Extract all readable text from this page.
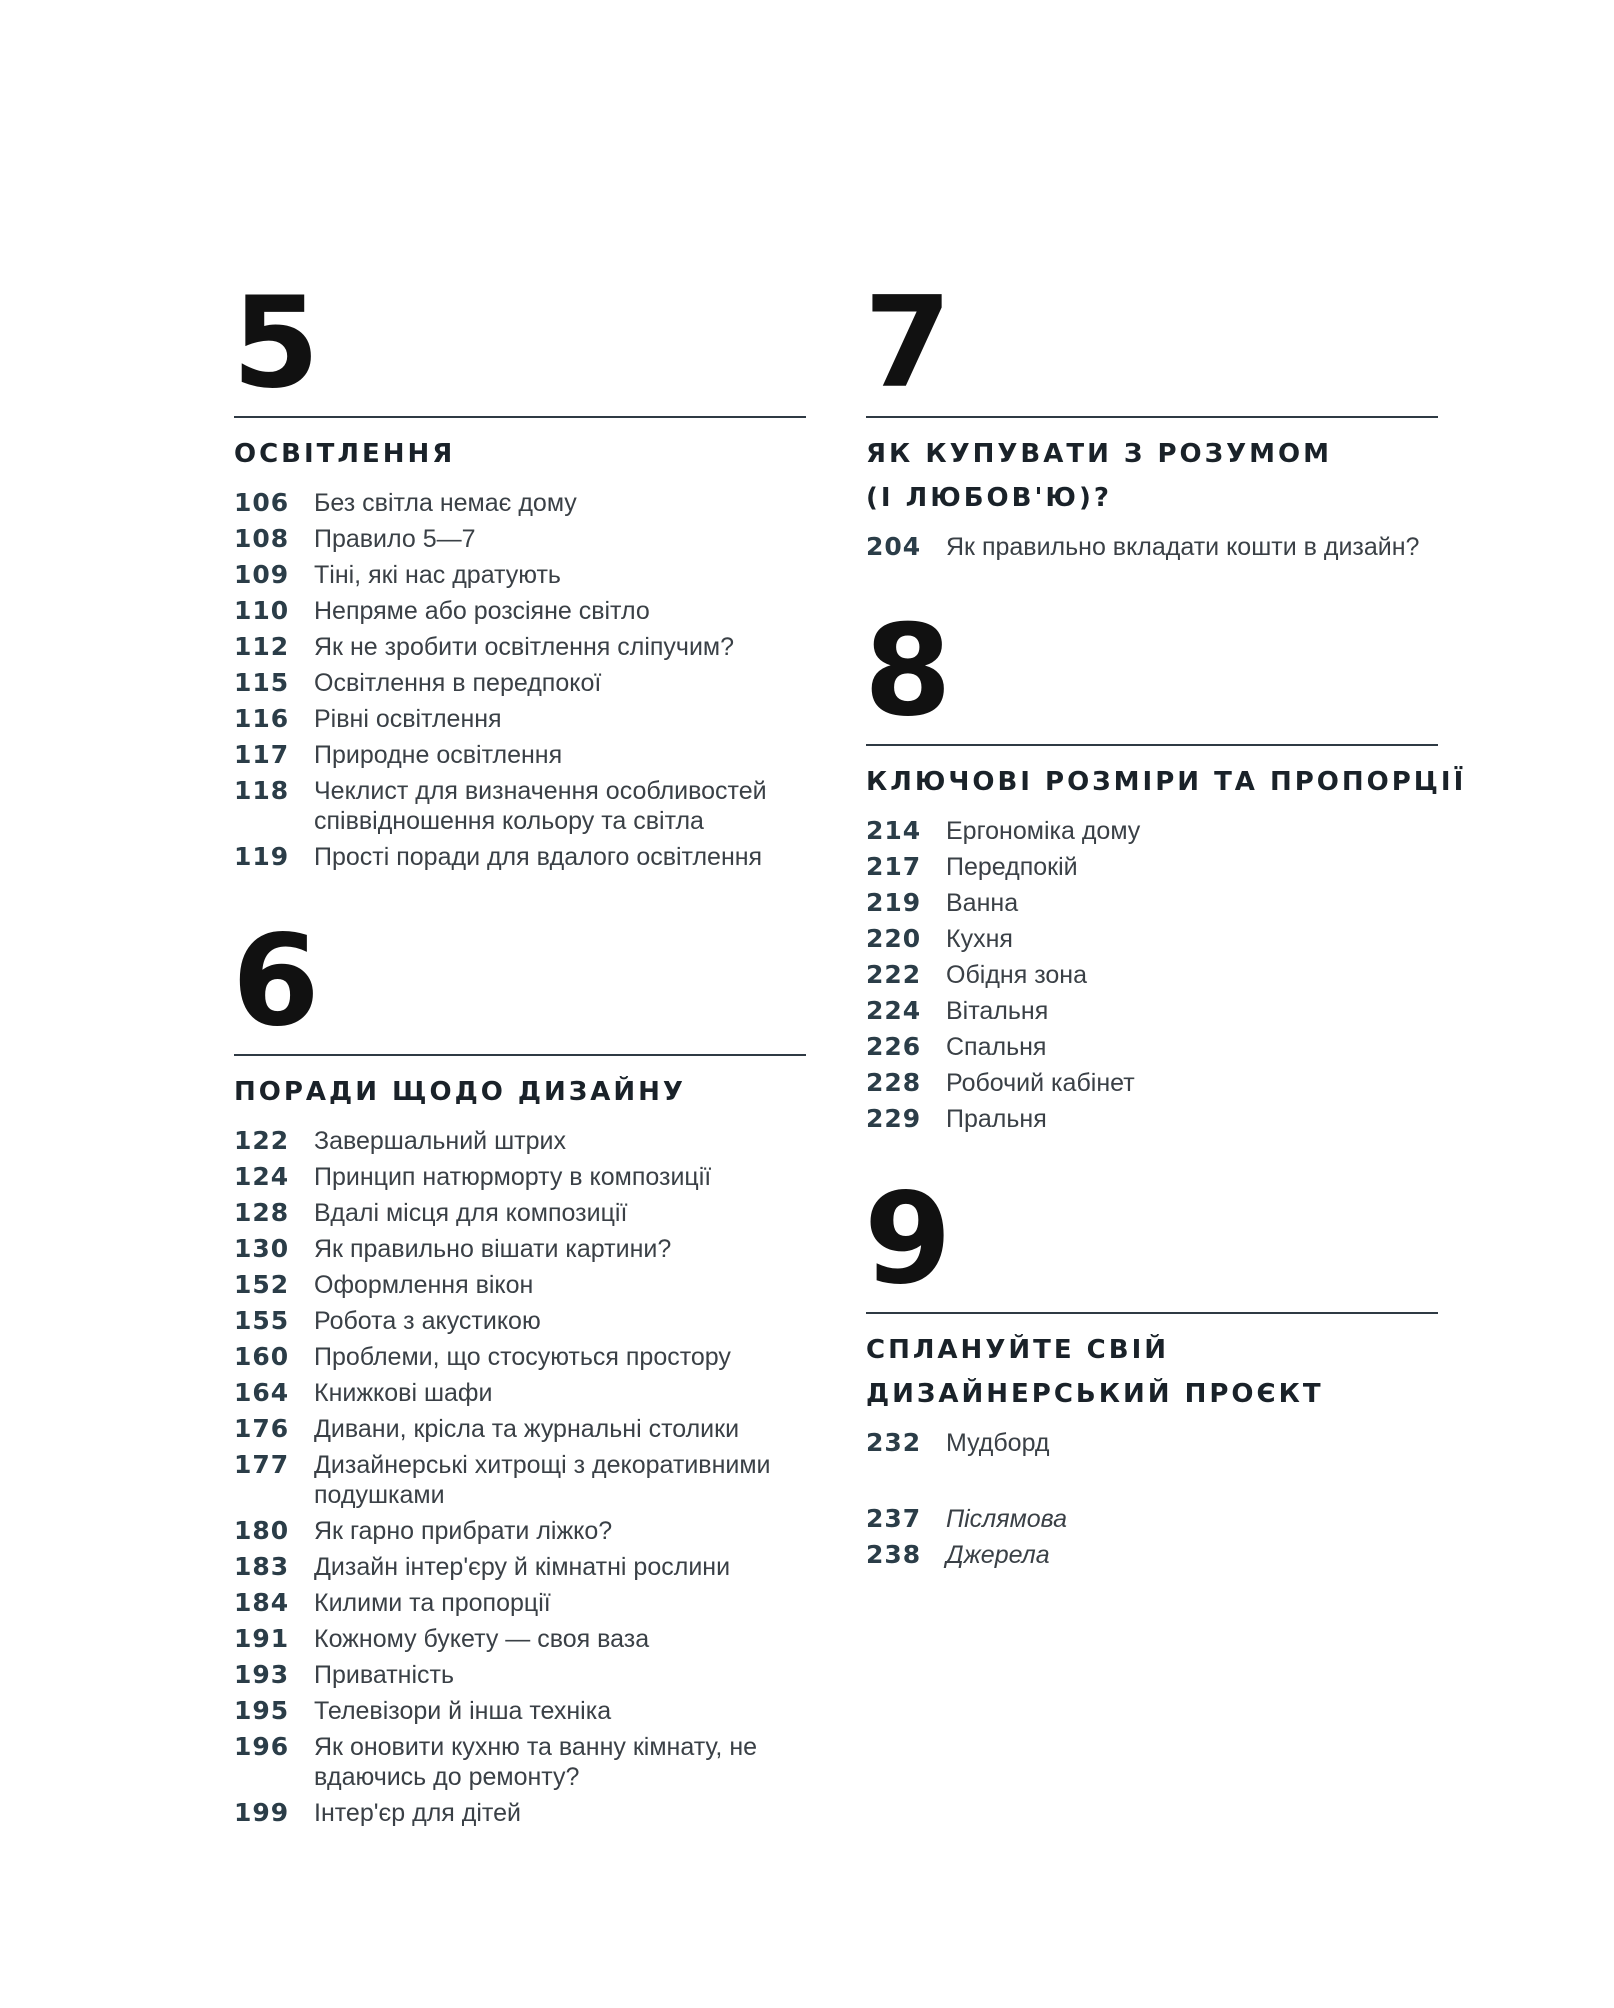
5
ОСВІТЛЕННЯ
106 Без світла немає дому
108 Правило 5—7
109 Тіні, які нас дратують
110 Непряме або розсіяне світло
112 Як не зробити освітлення сліпучим?
115 Освітлення в передпокої
116 Рівні освітлення
117 Природне освітлення
118 Чеклист для визначення особливостей співвідношення кольору та світла
119 Прості поради для вдалого освітлення
6
ПОРАДИ ЩОДО ДИЗАЙНУ
122 Завершальний штрих
124 Принцип натюрморту в композиції
128 Вдалі місця для композиції
130 Як правильно вішати картини?
152 Оформлення вікон
155 Робота з акустикою
160 Проблеми, що стосуються простору
164 Книжкові шафи
176 Дивани, крісла та журнальні столики
177 Дизайнерські хитрощі з декоративними подушками
180 Як гарно прибрати ліжко?
183 Дизайн інтер'єру й кімнатні рослини
184 Килими та пропорції
191 Кожному букету — своя ваза
193 Приватність
195 Телевізори й інша техніка
196 Як оновити кухню та ванну кімнату, не вдаючись до ремонту?
199 Інтер'єр для дітей
7
ЯК КУПУВАТИ З РОЗУМОМ
(І ЛЮБОВ'Ю)?
204 Як правильно вкладати кошти в дизайн?
8
КЛЮЧОВІ РОЗМІРИ ТА ПРОПОРЦІЇ
214 Ергономіка дому
217 Передпокій
219 Ванна
220 Кухня
222 Обідня зона
224 Вітальня
226 Спальня
228 Робочий кабінет
229 Пральня
9
СПЛАНУЙТЕ СВІЙ
ДИЗАЙНЕРСЬКИЙ ПРОЄКТ
232 Мудборд
237 Післямова
238 Джерела
